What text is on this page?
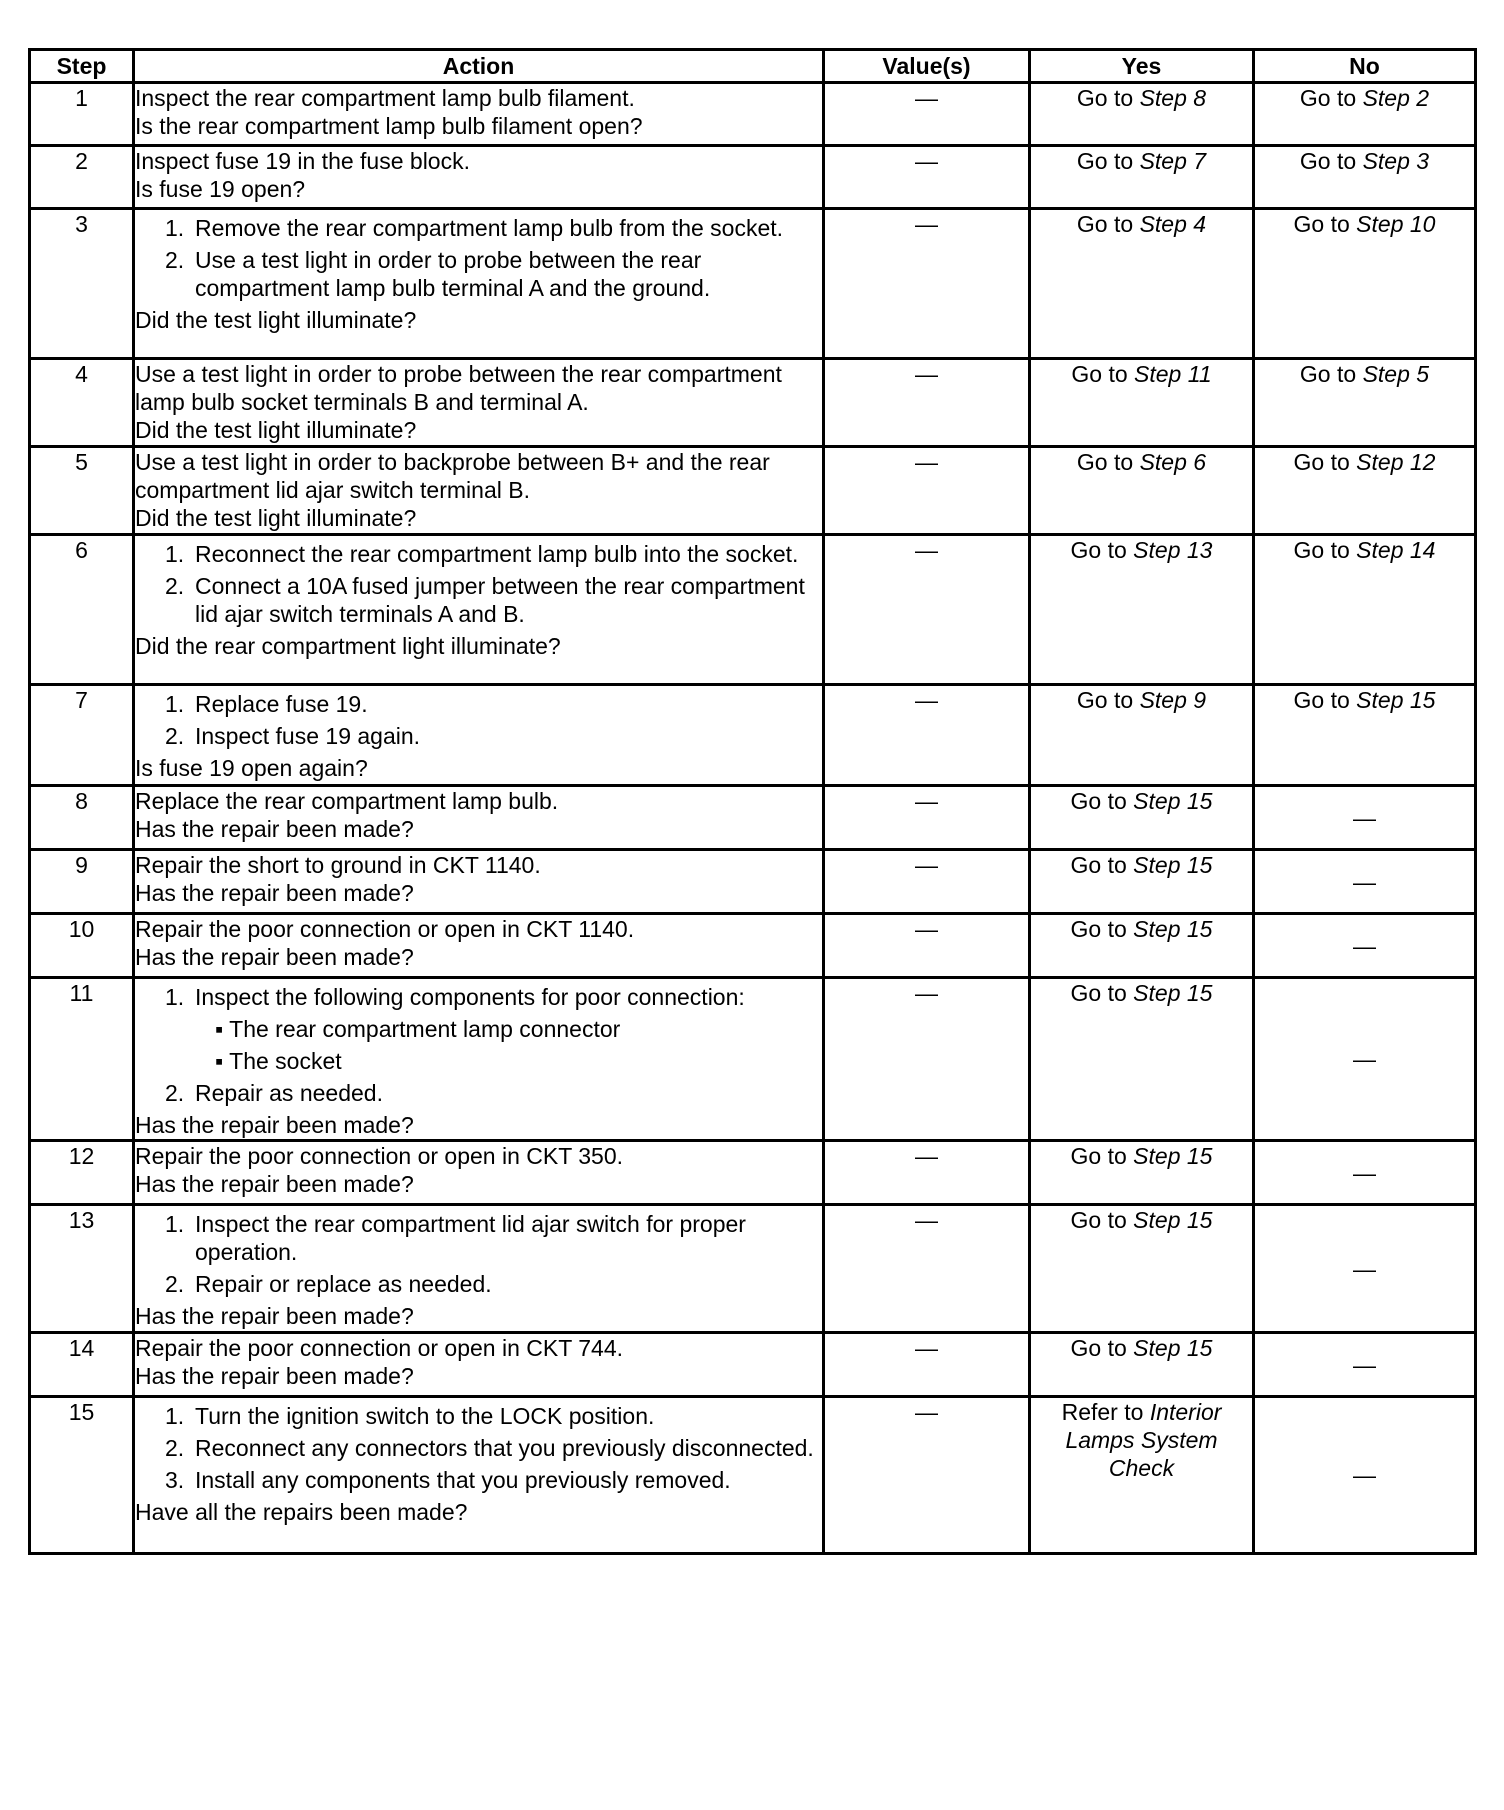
Step	Action	Value(s)	Yes	No
1	Inspect the rear compartment lamp bulb filament.
Is the rear compartment lamp bulb filament open?	—	Go to Step 8	Go to Step 2
2	Inspect fuse 19 in the fuse block.
Is fuse 19 open?	—	Go to Step 7	Go to Step 3
3	1. Remove the rear compartment lamp bulb from the socket.
2. Use a test light in order to probe between the rear compartment lamp bulb terminal A and the ground.
Did the test light illuminate?	—	Go to Step 4	Go to Step 10
4	Use a test light in order to probe between the rear compartment lamp bulb socket terminals B and terminal A.
Did the test light illuminate?	—	Go to Step 11	Go to Step 5
5	Use a test light in order to backprobe between B+ and the rear compartment lid ajar switch terminal B.
Did the test light illuminate?	—	Go to Step 6	Go to Step 12
6	1. Reconnect the rear compartment lamp bulb into the socket.
2. Connect a 10A fused jumper between the rear compartment lid ajar switch terminals A and B.
Did the rear compartment light illuminate?	—	Go to Step 13	Go to Step 14
7	1. Replace fuse 19.
2. Inspect fuse 19 again.
Is fuse 19 open again?	—	Go to Step 9	Go to Step 15
8	Replace the rear compartment lamp bulb.
Has the repair been made?	—	Go to Step 15	—
9	Repair the short to ground in CKT 1140.
Has the repair been made?	—	Go to Step 15	—
10	Repair the poor connection or open in CKT 1140.
Has the repair been made?	—	Go to Step 15	—
11	1. Inspect the following components for poor connection:
▪ The rear compartment lamp connector
▪ The socket
2. Repair as needed.
Has the repair been made?	—	Go to Step 15	—
12	Repair the poor connection or open in CKT 350.
Has the repair been made?	—	Go to Step 15	—
13	1. Inspect the rear compartment lid ajar switch for proper operation.
2. Repair or replace as needed.
Has the repair been made?	—	Go to Step 15	—
14	Repair the poor connection or open in CKT 744.
Has the repair been made?	—	Go to Step 15	—
15	1. Turn the ignition switch to the LOCK position.
2. Reconnect any connectors that you previously disconnected.
3. Install any components that you previously removed.
Have all the repairs been made?	—	Refer to Interior Lamps System Check	—
